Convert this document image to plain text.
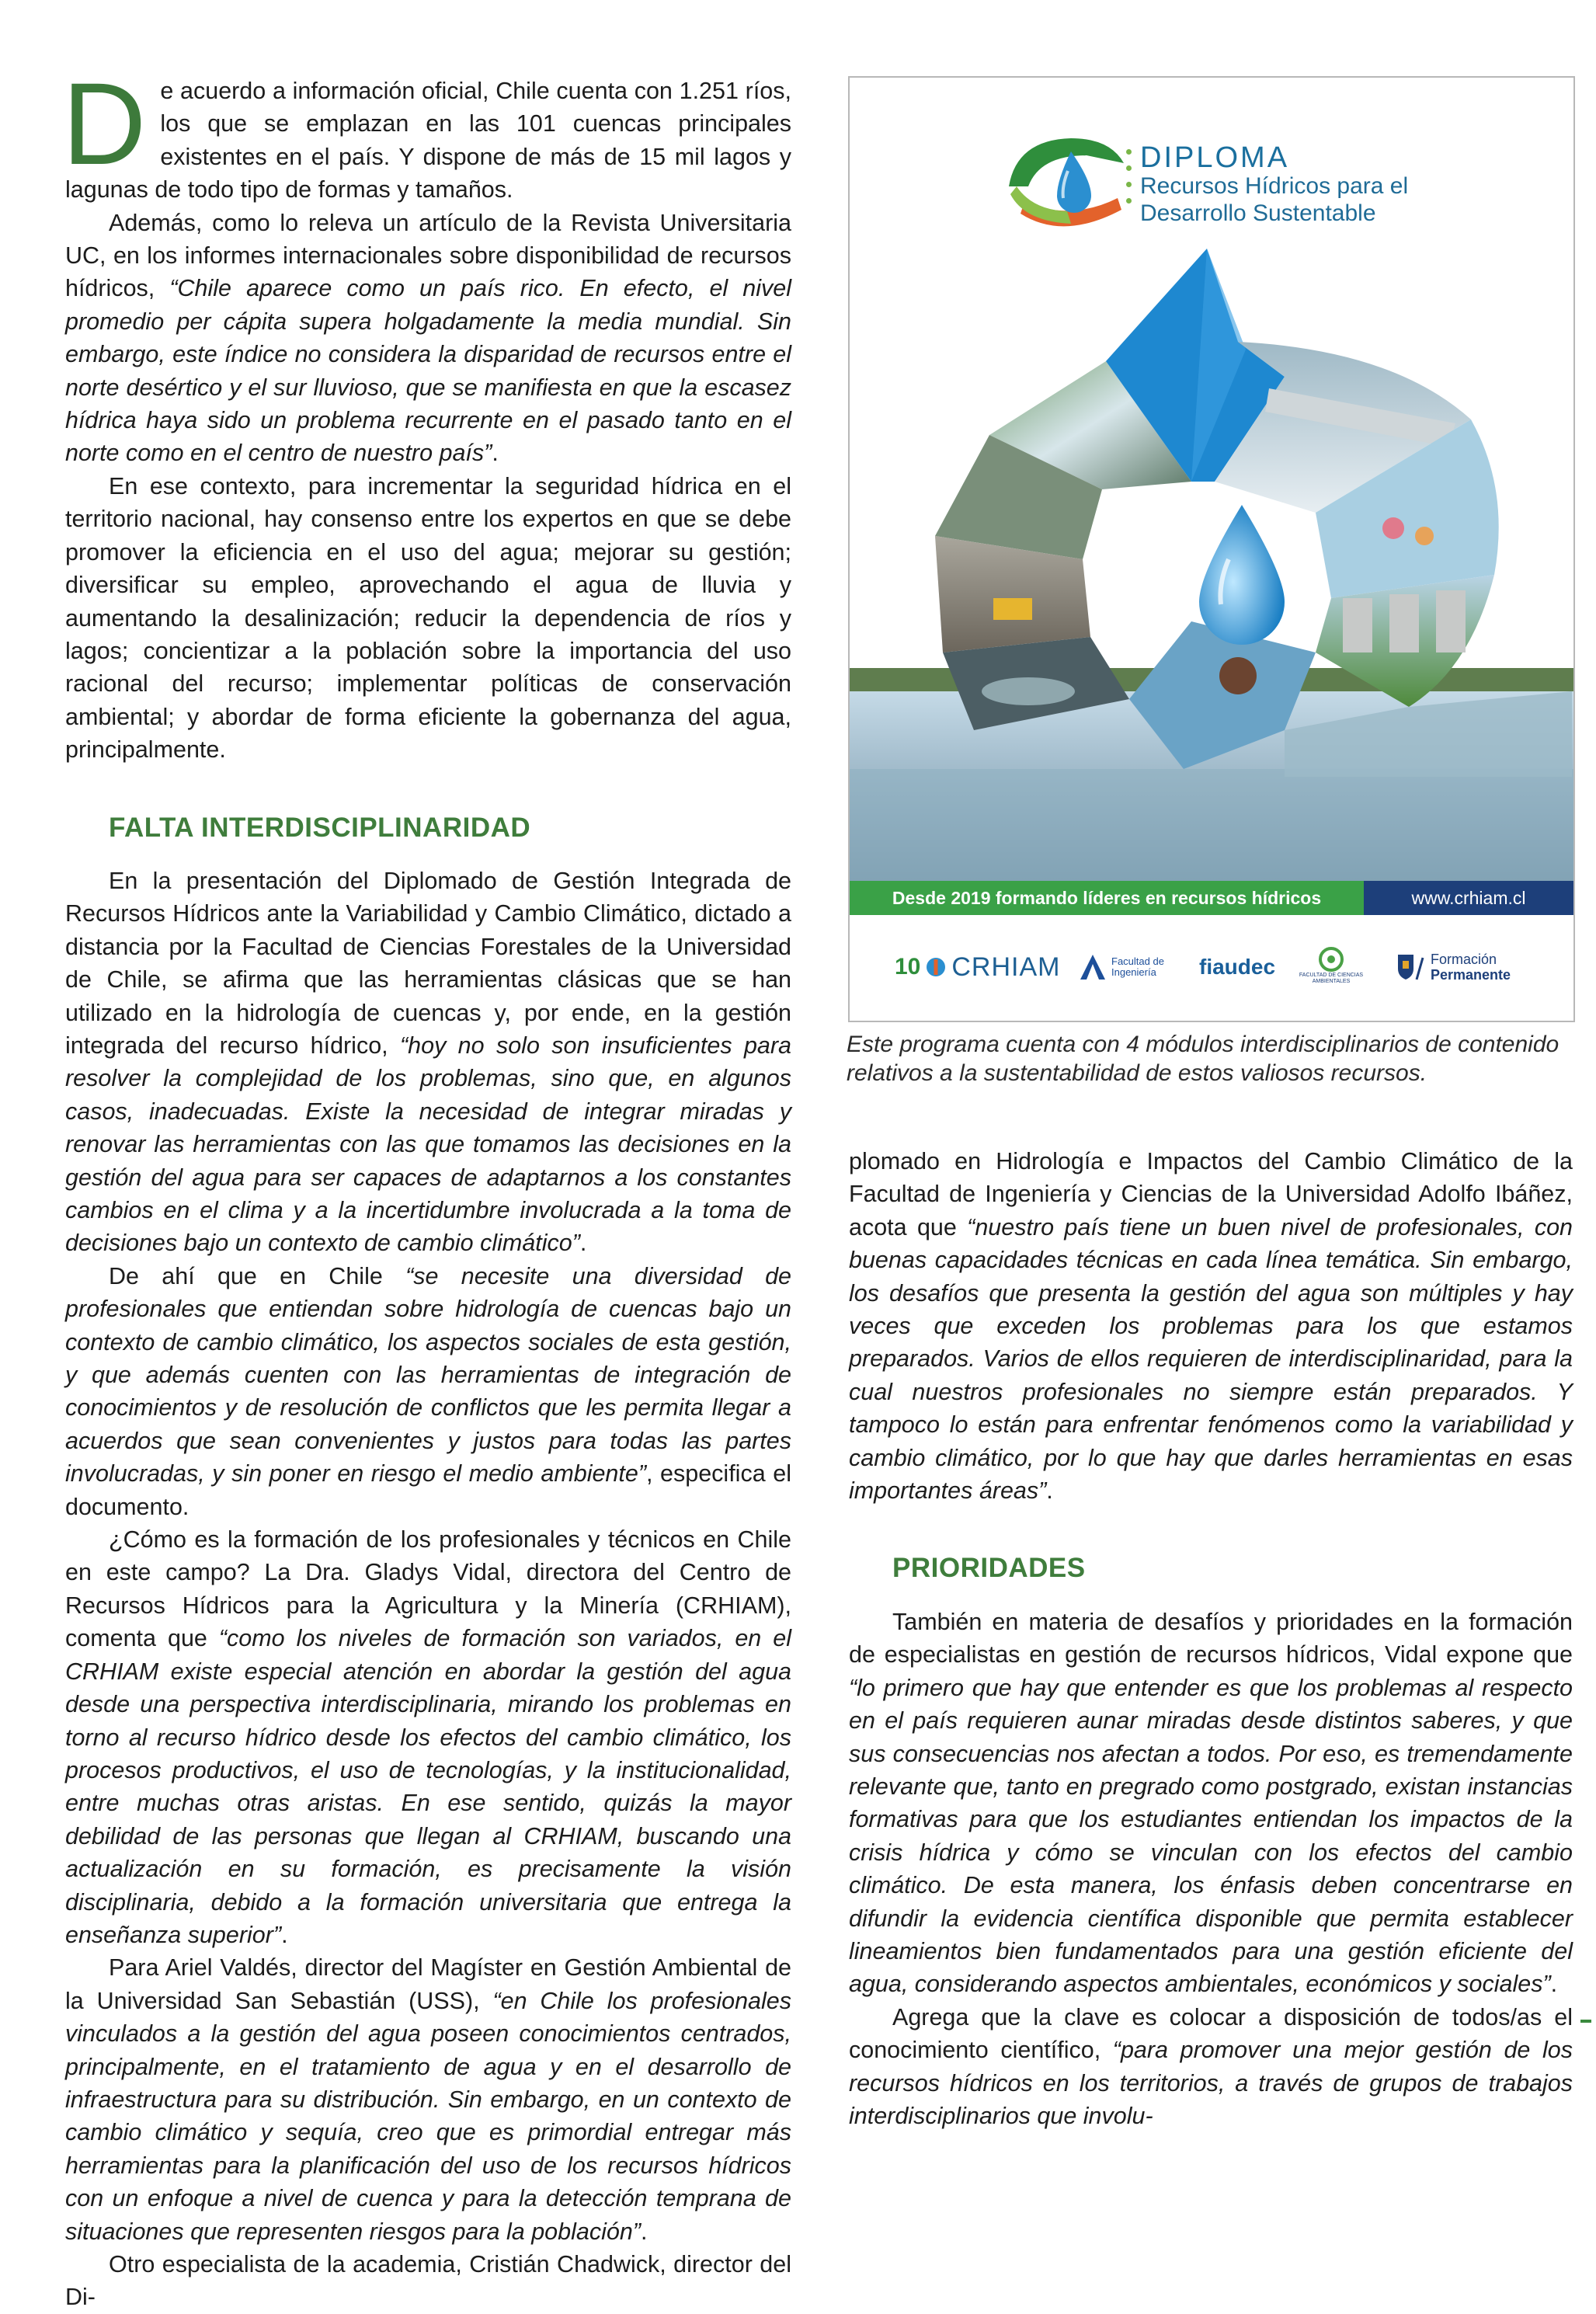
De acuerdo a información oficial, Chile cuenta con 1.251 ríos, los que se emplazan en las 101 cuencas principales existentes en el país. Y dispone de más de 15 mil lagos y lagunas de todo tipo de formas y tamaños.

Además, como lo releva un artículo de la Revista Universitaria UC, en los informes internacionales sobre disponibilidad de recursos hídricos, “Chile aparece como un país rico. En efecto, el nivel promedio per cápita supera holgadamente la media mundial. Sin embargo, este índice no considera la disparidad de recursos entre el norte desértico y el sur lluvioso, que se manifiesta en que la escasez hídrica haya sido un problema recurrente en el pasado tanto en el norte como en el centro de nuestro país”.

En ese contexto, para incrementar la seguridad hídrica en el territorio nacional, hay consenso entre los expertos en que se debe promover la eficiencia en el uso del agua; mejorar su gestión; diversificar su empleo, aprovechando el agua de lluvia y aumentando la desalinización; reducir la dependencia de ríos y lagos; concientizar a la población sobre la importancia del uso racional del recurso; implementar políticas de conservación ambiental; y abordar de forma eficiente la gobernanza del agua, principalmente.

FALTA INTERDISCIPLINARIDAD

En la presentación del Diplomado de Gestión Integrada de Recursos Hídricos ante la Variabilidad y Cambio Climático, dictado a distancia por la Facultad de Ciencias Forestales de la Universidad de Chile, se afirma que las herramientas clásicas que se han utilizado en la hidrología de cuencas y, por ende, en la gestión integrada del recurso hídrico, “hoy no solo son insuficientes para resolver la complejidad de los problemas, sino que, en algunos casos, inadecuadas. Existe la necesidad de integrar miradas y renovar las herramientas con las que tomamos las decisiones en la gestión del agua para ser capaces de adaptarnos a los constantes cambios en el clima y a la incertidumbre involucrada a la toma de decisiones bajo un contexto de cambio climático”.

De ahí que en Chile “se necesite una diversidad de profesionales que entiendan sobre hidrología de cuencas bajo un contexto de cambio climático, los aspectos sociales de esta gestión, y que además cuenten con las herramientas de integración de conocimientos y de resolución de conflictos que les permita llegar a acuerdos que sean convenientes y justos para todas las partes involucradas, y sin poner en riesgo el medio ambiente”, especifica el documento.

¿Cómo es la formación de los profesionales y técnicos en Chile en este campo? La Dra. Gladys Vidal, directora del Centro de Recursos Hídricos para la Agricultura y la Minería (CRHIAM), comenta que “como los niveles de formación son variados, en el CRHIAM existe especial atención en abordar la gestión del agua desde una perspectiva interdisciplinaria, mirando los problemas en torno al recurso hídrico desde los efectos del cambio climático, los procesos productivos, el uso de tecnologías, y la institucionalidad, entre muchas otras aristas. En ese sentido, quizás la mayor debilidad de las personas que llegan al CRHIAM, buscando una actualización en su formación, es precisamente la visión disciplinaria, debido a la formación universitaria que entrega la enseñanza superior”.

Para Ariel Valdés, director del Magíster en Gestión Ambiental de la Universidad San Sebastián (USS), “en Chile los profesionales vinculados a la gestión del agua poseen conocimientos centrados, principalmente, en el tratamiento de agua y en el desarrollo de infraestructura para su distribución. Sin embargo, en un contexto de cambio climático y sequía, creo que es primordial entregar más herramientas para la planificación del uso de los recursos hídricos con un enfoque a nivel de cuenca y para la detección temprana de situaciones que representen riesgos para la población”.

Otro especialista de la academia, Cristián Chadwick, director del Di-

DIPLOMA
Recursos Hídricos para el
Desarrollo Sustentable
Desde 2019 formando líderes en recursos hídricos	www.crhiam.cl
10 CRHIAM	Facultad de Ingeniería	fiaudec	FACULTAD DE CIENCIAS AMBIENTALES
Formación
Permanente
Este programa cuenta con 4 módulos interdisciplinarios de contenido relativos a la sustentabilidad de estos valiosos recursos.

plomado en Hidrología e Impactos del Cambio Climático de la Facultad de Ingeniería y Ciencias de la Universidad Adolfo Ibáñez, acota que “nuestro país tiene un buen nivel de profesionales, con buenas capacidades técnicas en cada línea temática. Sin embargo, los desafíos que presenta la gestión del agua son múltiples y hay veces que exceden los problemas para los que estamos preparados. Varios de ellos requieren de interdisciplinaridad, para la cual nuestros profesionales no siempre están preparados. Y tampoco lo están para enfrentar fenómenos como la variabilidad y cambio climático, por lo que hay que darles herramientas en esas importantes áreas”.

PRIORIDADES

También en materia de desafíos y prioridades en la formación de especialistas en gestión de recursos hídricos, Vidal expone que “lo primero que hay que entender es que los problemas al respecto en el país requieren aunar miradas desde distintos saberes, y que sus consecuencias nos afectan a todos. Por eso, es tremendamente relevante que, tanto en pregrado como postgrado, existan instancias formativas para que los estudiantes entiendan los impactos de la crisis hídrica y cómo se vinculan con los efectos del cambio climático. De esta manera, los énfasis deben concentrarse en difundir la evidencia científica disponible que permita establecer lineamientos bien fundamentados para una gestión eficiente del agua, considerando aspectos ambientales, económicos y sociales”.

Agrega que la clave es colocar a disposición de todos/as el conocimiento científico, “para promover una mejor gestión de los recursos hídricos en los territorios, a través de grupos de trabajos interdisciplinarios que involu-
